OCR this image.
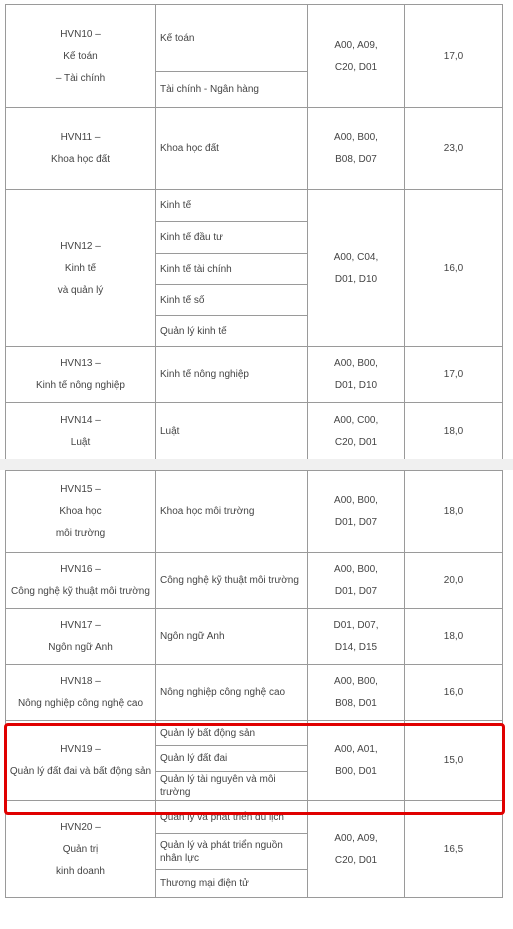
HVN10 –
Kế toán
– Tài chính	Kế toán	A00, A09,
C20, D01	17,0
	Tài chính - Ngân hàng		

HVN11 –
Khoa học đất	Khoa học đất	A00, B00,
B08, D07	23,0

HVN12 –
Kinh tế
và quản lý	Kinh tế	A00, C04,
D01, D10	16,0
	Kinh tế đầu tư		
	Kinh tế tài chính		
	Kinh tế số		
	Quản lý kinh tế		

HVN13 –
Kinh tế nông nghiệp	Kinh tế nông nghiệp	A00, B00,
D01, D10	17,0

HVN14 –
Luật	Luật	A00, C00,
C20, D01	18,0
HVN15 –
Khoa học
môi trường	Khoa học môi trường	A00, B00,
D01, D07	18,0

HVN16 –
Công nghệ kỹ thuật môi trường	Công nghệ kỹ thuật môi trường	A00, B00,
D01, D07	20,0

HVN17 –
Ngôn ngữ Anh	Ngôn ngữ Anh	D01, D07,
D14, D15	18,0

HVN18 –
Nông nghiệp công nghệ cao	Nông nghiệp công nghệ cao	A00, B00,
B08, D01	16,0

HVN19 –
Quản lý đất đai và bất động sản	Quản lý bất động sản	A00, A01,
B00, D01	15,0
	Quản lý đất đai		
	Quản lý tài nguyên và môi trường		

HVN20 –
Quản trị
kinh doanh	Quản lý và phát triển du lịch	A00, A09,
C20, D01	16,5
	Quản lý và phát triển nguồn nhân lực		
	Thương mại điện tử		
